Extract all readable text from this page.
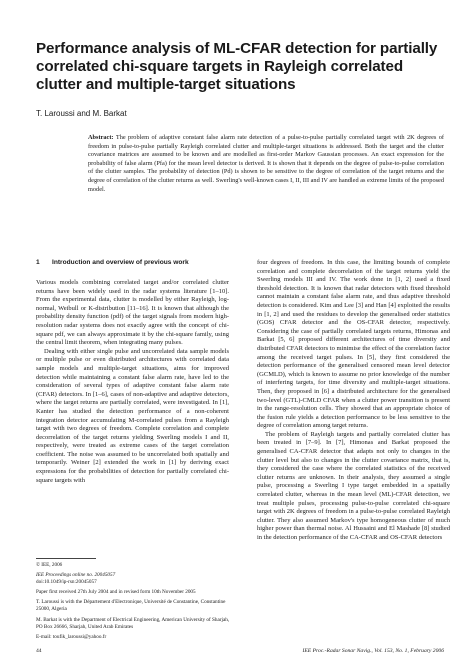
Performance analysis of ML-CFAR detection for partially correlated chi-square targets in Rayleigh correlated clutter and multiple-target situations
T. Laroussi and M. Barkat

Abstract: The problem of adaptive constant false alarm rate detection of a pulse-to-pulse partially correlated target with 2K degrees of freedom in pulse-to-pulse partially Rayleigh correlated clutter and multiple-target situations is addressed. Both the target and the clutter covariance matrices are assumed to be known and are modelled as first-order Markov Gaussian processes. An exact expression for the probability of false alarm (Pfa) for the mean level detector is derived. It is shown that it depends on the degree of pulse-to-pulse correlation of the clutter samples. The probability of detection (Pd) is shown to be sensitive to the degree of correlation of the target returns and the degree of correlation of the clutter returns as well. Swerling's well-known cases I, II, III and IV are handled as extreme limits of the proposed model.

1 Introduction and overview of previous work

Various models combining correlated target and/or correlated clutter returns have been widely used in the radar systems literature [1–10]. From the experimental data, clutter is modelled by either Rayleigh, log-normal, Weibull or K-distribution [11–16]. It is known that although the probability density function (pdf) of the target signals from modern high-resolution radar systems does not exactly agree with the concept of chi-square pdf, we can always approximate it by the chi-square family, using the central limit theorem, when integrating many pulses.

Dealing with either single pulse and uncorrelated data sample models or multiple pulse or even distributed architectures with correlated data sample models and multiple-target situations, aims for improved detection while maintaining a constant false alarm rate, have led to the consideration of several types of adaptive constant false alarm rate (CFAR) detectors. In [1–6], cases of non-adaptive and adaptive detectors, where the target returns are partially correlated, were investigated. In [1], Kanter has studied the detection performance of a non-coherent integration detector accumulating M-correlated pulses from a Rayleigh target with two degrees of freedom. Complete correlation and complete decorrelation of the target returns yielding Swerling models I and II, respectively, were treated as extreme cases of the target correlation coefficient. The noise was assumed to be uncorrelated both spatially and temporarily. Weiner [2] extended the work in [1] by deriving exact expressions for the probabilities of detection for partially correlated chi-square targets with

four degrees of freedom. In this case, the limiting bounds of complete correlation and complete decorrelation of the target returns yield the Swerling models III and IV. The work done in [1, 2] used a fixed threshold detection. It is known that radar detectors with fixed threshold cannot maintain a constant false alarm rate, and thus adaptive threshold detection is considered. Kim and Lee [3] and Han [4] exploited the results in [1, 2] and used the residues to develop the generalised order statistics (GOS) CFAR detector and the OS-CFAR detector, respectively. Considering the case of partially correlated targets returns, Himonas and Barkat [5, 6] proposed different architectures of time diversity and distributed CFAR detectors to minimise the effect of the correlation factor among the received target pulses. In [5], they first considered the detection performance of the generalised censored mean level detector (GCMLD), which is known to assume no prior knowledge of the number of interfering targets, for time diversity and multiple-target situations. Then, they proposed in [6] a distributed architecture for the generalised two-level (GTL)-CMLD CFAR when a clutter power transition is present in the range-resolution cells. They showed that an appropriate choice of the fusion rule yields a detection performance to be less sensitive to the degree of correlation among target returns.

The problem of Rayleigh targets and partially correlated clutter has been treated in [7–9]. In [7], Himonas and Barkat proposed the generalised CA-CFAR detector that adapts not only to changes in the clutter level but also to changes in the clutter covariance matrix, that is, they considered the case where the correlated statistics of the received clutter returns are unknown. In their analysis, they assumed a single pulse, processing a Swerling I type target embedded in a spatially correlated clutter, whereas in the mean level (ML)-CFAR detection, we treat multiple pulses, processing pulse-to-pulse correlated chi-square target with 2K degrees of freedom in a pulse-to-pulse correlated Rayleigh clutter. They also assumed Markov's type homogeneous clutter of much higher power than thermal noise. Al Hussaini and El Mashade [8] studied in the detection performance of the CA-CFAR and OS-CFAR detectors

© IEE, 2006
IEE Proceedings online no. 20045057
doi:10.1049/ip-rsn:20045057
Paper first received 27th July 2004 and in revised form 10th November 2005
T. Laroussi is with the Département d'Electronique, Université de Constantine, Constantine 25000, Algeria
M. Barkat is with the Department of Electrical Engineering, American University of Sharjah, PO Box 26666, Sharjah, United Arab Emirates
E-mail: toufik_laroussi@yahoo.fr
44	IEE Proc.-Radar Sonar Navig., Vol. 153, No. 1, February 2006
